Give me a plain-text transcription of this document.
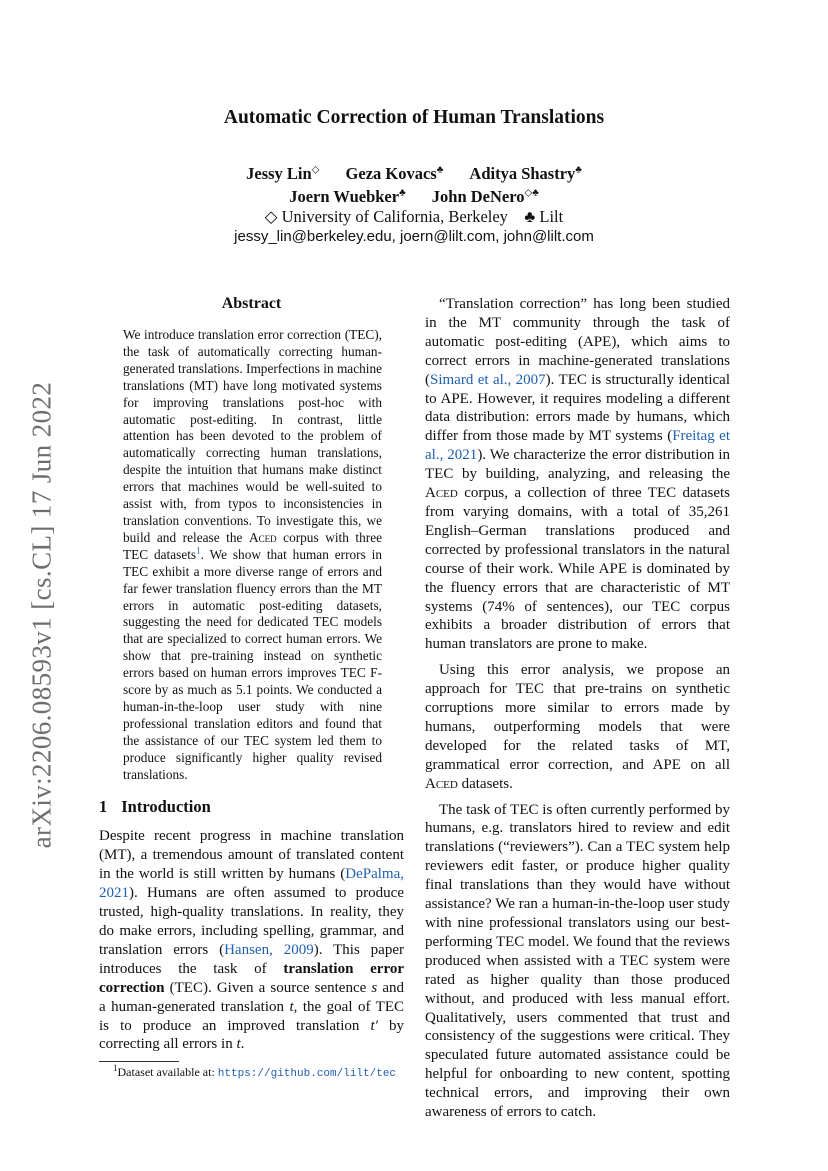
arXiv:2206.08593v1 [cs.CL] 17 Jun 2022
Automatic Correction of Human Translations
Jessy Lin◇ Geza Kovacs♣ Aditya Shastry♣
Joern Wuebker♣ John DeNero◇♣
◇ University of California, Berkeley    ♣ Lilt
jessy_lin@berkeley.edu, joern@lilt.com, john@lilt.com
Abstract

We introduce translation error correction (TEC), the task of automatically correcting human-generated translations. Imperfections in machine translations (MT) have long motivated systems for improving translations post-hoc with automatic post-editing. In contrast, little attention has been devoted to the problem of automatically correcting human translations, despite the intuition that humans make distinct errors that machines would be well-suited to assist with, from typos to inconsistencies in translation conventions. To investigate this, we build and release the Aced corpus with three TEC datasets$^1$. We show that human errors in TEC exhibit a more diverse range of errors and far fewer translation fluency errors than the MT errors in automatic post-editing datasets, suggesting the need for dedicated TEC models that are specialized to correct human errors. We show that pre-training instead on synthetic errors based on human errors improves TEC F-score by as much as 5.1 points. We conducted a human-in-the-loop user study with nine professional translation editors and found that the assistance of our TEC system led them to produce significantly higher quality revised translations.

1 Introduction

Despite recent progress in machine translation (MT), a tremendous amount of translated content in the world is still written by humans (DePalma, 2021). Humans are often assumed to produce trusted, high-quality translations. In reality, they do make errors, including spelling, grammar, and translation errors (Hansen, 2009). This paper introduces the task of translation error correction (TEC). Given a source sentence s and a human-generated translation t, the goal of TEC is to produce an improved translation t′ by correcting all errors in t.

$^1$Dataset available at: https://github.com/lilt/tec

“Translation correction” has long been studied in the MT community through the task of automatic post-editing (APE), which aims to correct errors in machine-generated translations (Simard et al., 2007). TEC is structurally identical to APE. However, it requires modeling a different data distribution: errors made by humans, which differ from those made by MT systems (Freitag et al., 2021). We characterize the error distribution in TEC by building, analyzing, and releasing the Aced corpus, a collection of three TEC datasets from varying domains, with a total of 35,261 English–German translations produced and corrected by professional translators in the natural course of their work. While APE is dominated by the fluency errors that are characteristic of MT systems (74% of sentences), our TEC corpus exhibits a broader distribution of errors that human translators are prone to make.

Using this error analysis, we propose an approach for TEC that pre-trains on synthetic corruptions more similar to errors made by humans, outperforming models that were developed for the related tasks of MT, grammatical error correction, and APE on all Aced datasets.

The task of TEC is often currently performed by humans, e.g. translators hired to review and edit translations (“reviewers”). Can a TEC system help reviewers edit faster, or produce higher quality final translations than they would have without assistance? We ran a human-in-the-loop user study with nine professional translators using our best-performing TEC model. We found that the reviews produced when assisted with a TEC system were rated as higher quality than those produced without, and produced with less manual effort. Qualitatively, users commented that trust and consistency of the suggestions were critical. They speculated future automated assistance could be helpful for onboarding to new content, spotting technical errors, and improving their own awareness of errors to catch.
